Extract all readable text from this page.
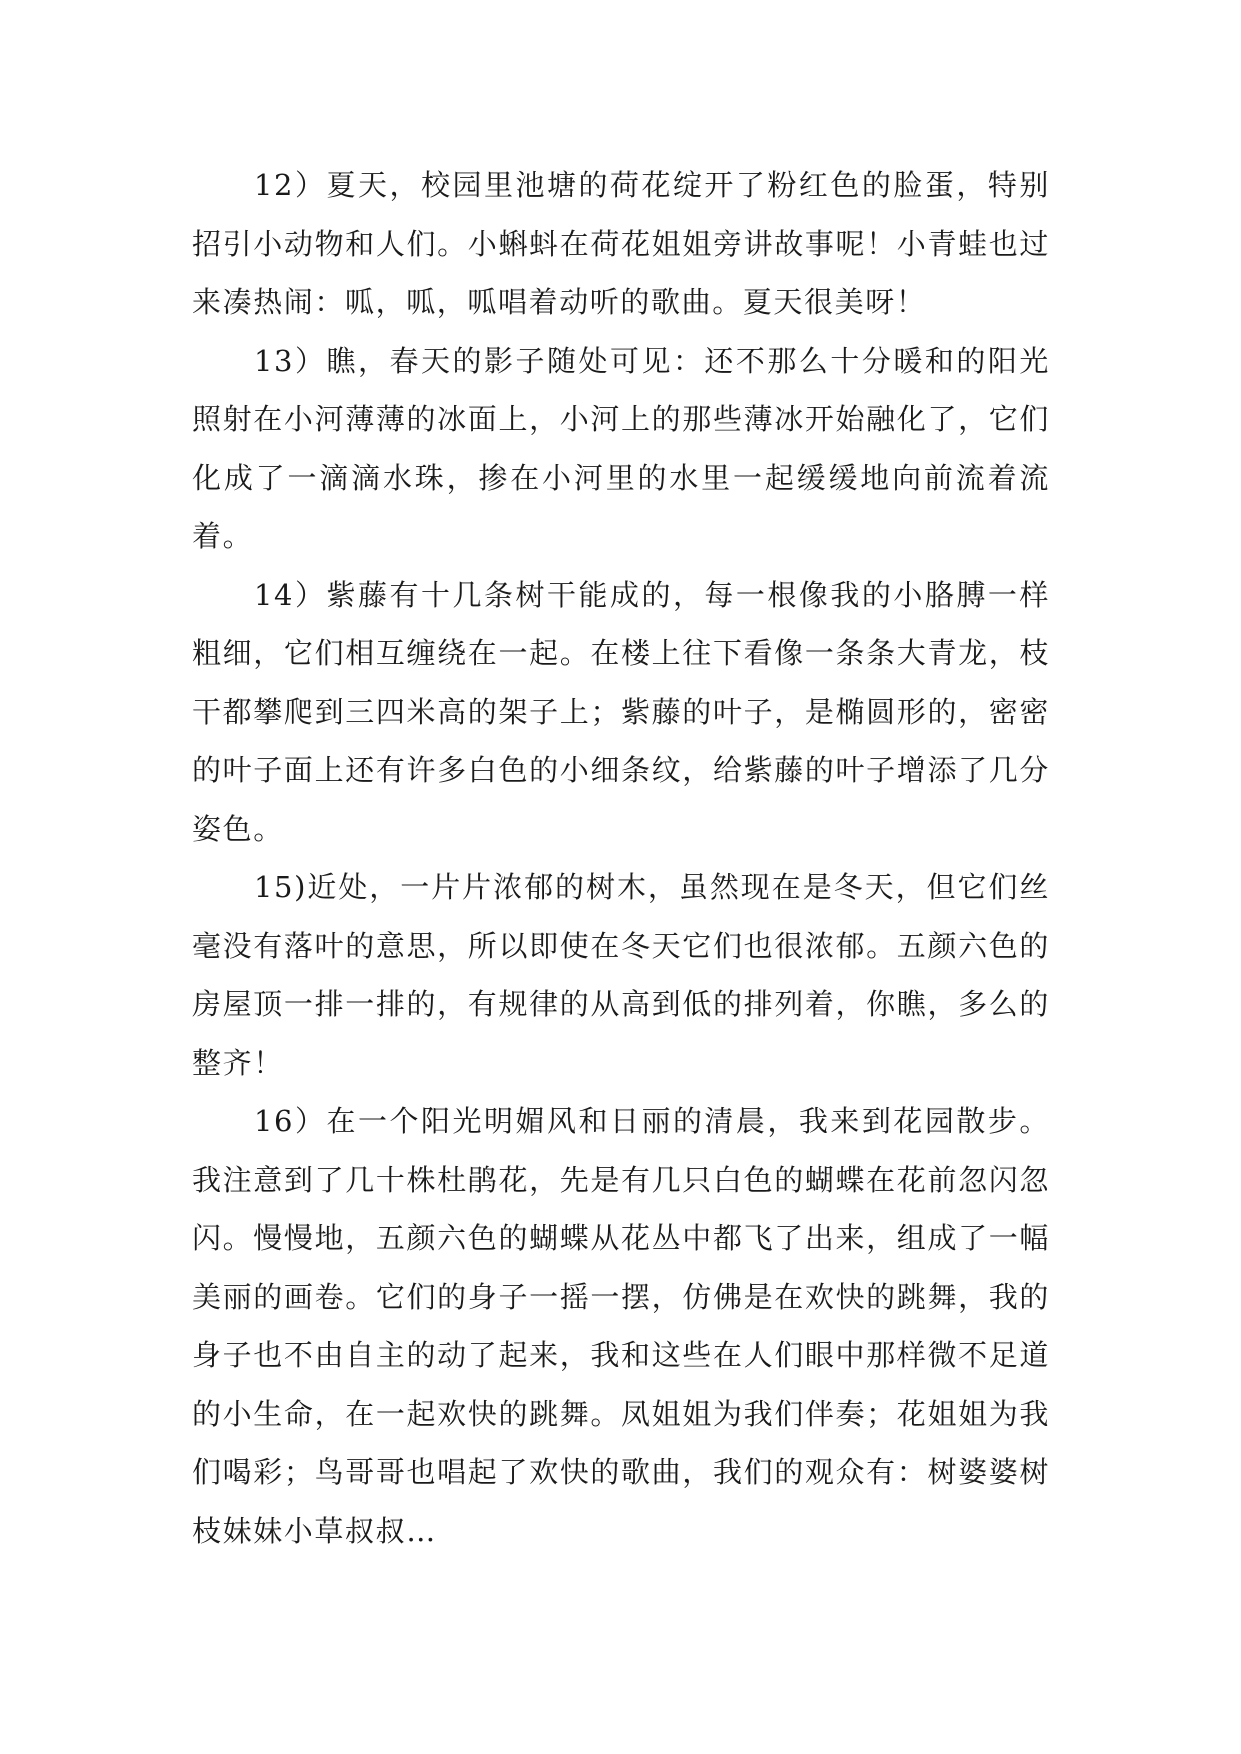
12）夏天，校园里池塘的荷花绽开了粉红色的脸蛋，特别招引小动物和人们。小蝌蚪在荷花姐姐旁讲故事呢！小青蛙也过来凑热闹：呱，呱，呱唱着动听的歌曲。夏天很美呀！

13）瞧，春天的影子随处可见：还不那么十分暖和的阳光照射在小河薄薄的冰面上，小河上的那些薄冰开始融化了，它们化成了一滴滴水珠，掺在小河里的水里一起缓缓地向前流着流着。

14）紫藤有十几条树干能成的，每一根像我的小胳膊一样粗细，它们相互缠绕在一起。在楼上往下看像一条条大青龙，枝干都攀爬到三四米高的架子上；紫藤的叶子，是椭圆形的，密密的叶子面上还有许多白色的小细条纹，给紫藤的叶子增添了几分姿色。

15)近处，一片片浓郁的树木，虽然现在是冬天，但它们丝毫没有落叶的意思，所以即使在冬天它们也很浓郁。五颜六色的房屋顶一排一排的，有规律的从高到低的排列着，你瞧，多么的整齐！

16）在一个阳光明媚风和日丽的清晨，我来到花园散步。我注意到了几十株杜鹃花，先是有几只白色的蝴蝶在花前忽闪忽闪。慢慢地，五颜六色的蝴蝶从花丛中都飞了出来，组成了一幅美丽的画卷。它们的身子一摇一摆，仿佛是在欢快的跳舞，我的身子也不由自主的动了起来，我和这些在人们眼中那样微不足道的小生命，在一起欢快的跳舞。凤姐姐为我们伴奏；花姐姐为我们喝彩；鸟哥哥也唱起了欢快的歌曲，我们的观众有：树婆婆树枝妹妹小草叔叔…
